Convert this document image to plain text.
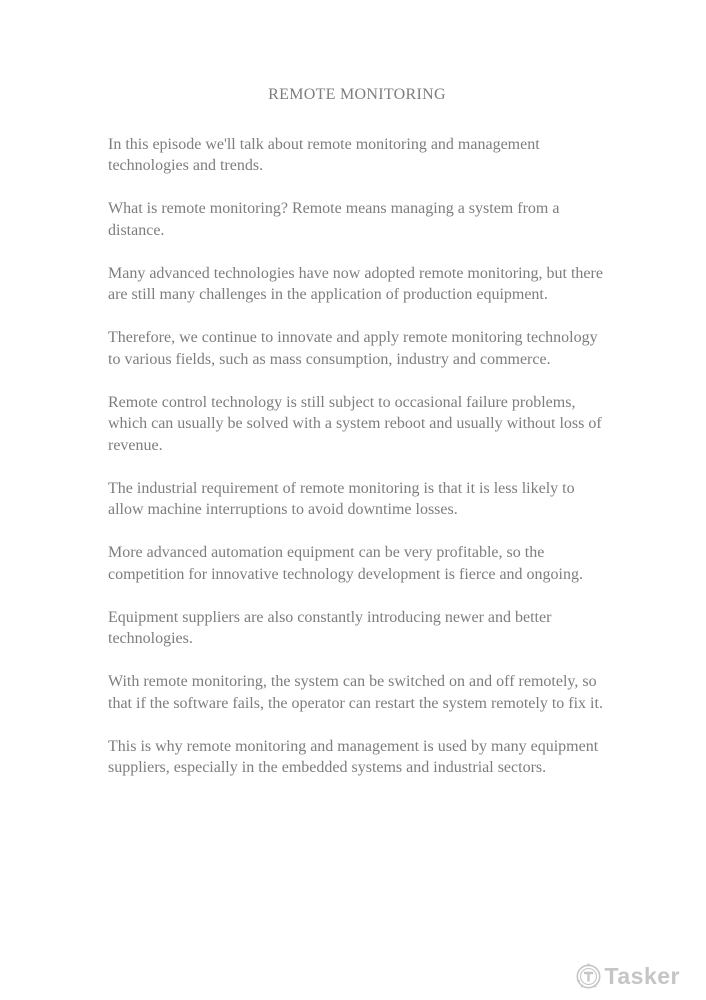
REMOTE MONITORING

In this episode we'll talk about remote monitoring and management technologies and trends.

What is remote monitoring? Remote means managing a system from a distance.

Many advanced technologies have now adopted remote monitoring, but there are still many challenges in the application of production equipment.

Therefore, we continue to innovate and apply remote monitoring technology to various fields, such as mass consumption, industry and commerce.

Remote control technology is still subject to occasional failure problems, which can usually be solved with a system reboot and usually without loss of revenue.

The industrial requirement of remote monitoring is that it is less likely to allow machine interruptions to avoid downtime losses.

More advanced automation equipment can be very profitable, so the competition for innovative technology development is fierce and ongoing.

Equipment suppliers are also constantly introducing newer and better technologies.

With remote monitoring, the system can be switched on and off remotely, so that if the software fails, the operator can restart the system remotely to fix it.

This is why remote monitoring and management is used by many equipment suppliers, especially in the embedded systems and industrial sectors.

Tasker
